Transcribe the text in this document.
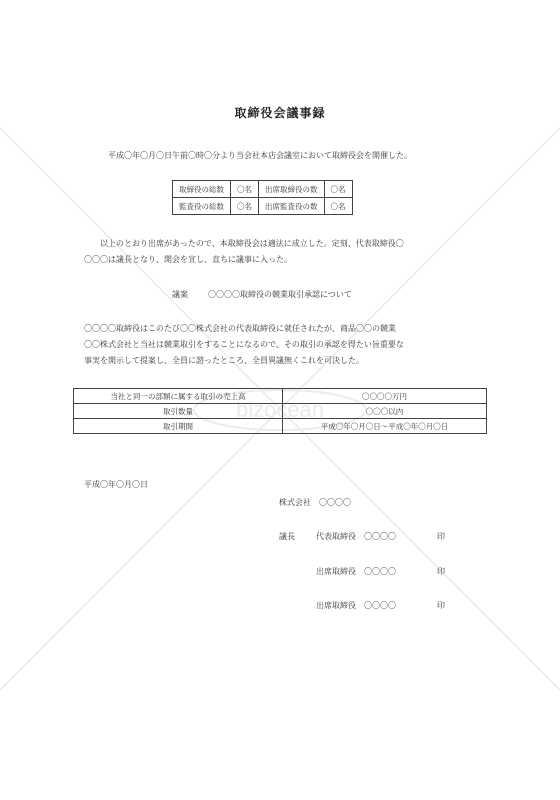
bizocean
取締役会議事録
平成〇年〇月〇日午前〇時〇分より当会社本店会議室において取締役会を開催した。
取締役の総数	〇名	出席取締役の数	〇名
監査役の総数	〇名	出席監査役の数	〇名
以上のとおり出席があったので、本取締役会は適法に成立した。定刻、代表取締役〇
〇〇〇は議長となり、開会を宣し、直ちに議事に入った。
議案	〇〇〇〇取締役の競業取引承認について
〇〇〇〇取締役はこのたび〇〇株式会社の代表取締役に就任されたが、商品〇〇の競業
〇〇株式会社と当社は競業取引をすることになるので、その取引の承認を得たい旨重要な
事実を開示して提案し、全員に諮ったところ、全員異議無くこれを可決した。
当社と同一の部類に属する取引の売上高	〇〇〇〇万円
取引数量	〇〇〇以内
取引期間	平成〇年〇月〇日～平成〇年〇月〇日
平成〇年〇月〇日
株式会社　〇〇〇〇
議長	代表取締役　〇〇〇〇	印
出席取締役　〇〇〇〇	印
出席取締役　〇〇〇〇	印
